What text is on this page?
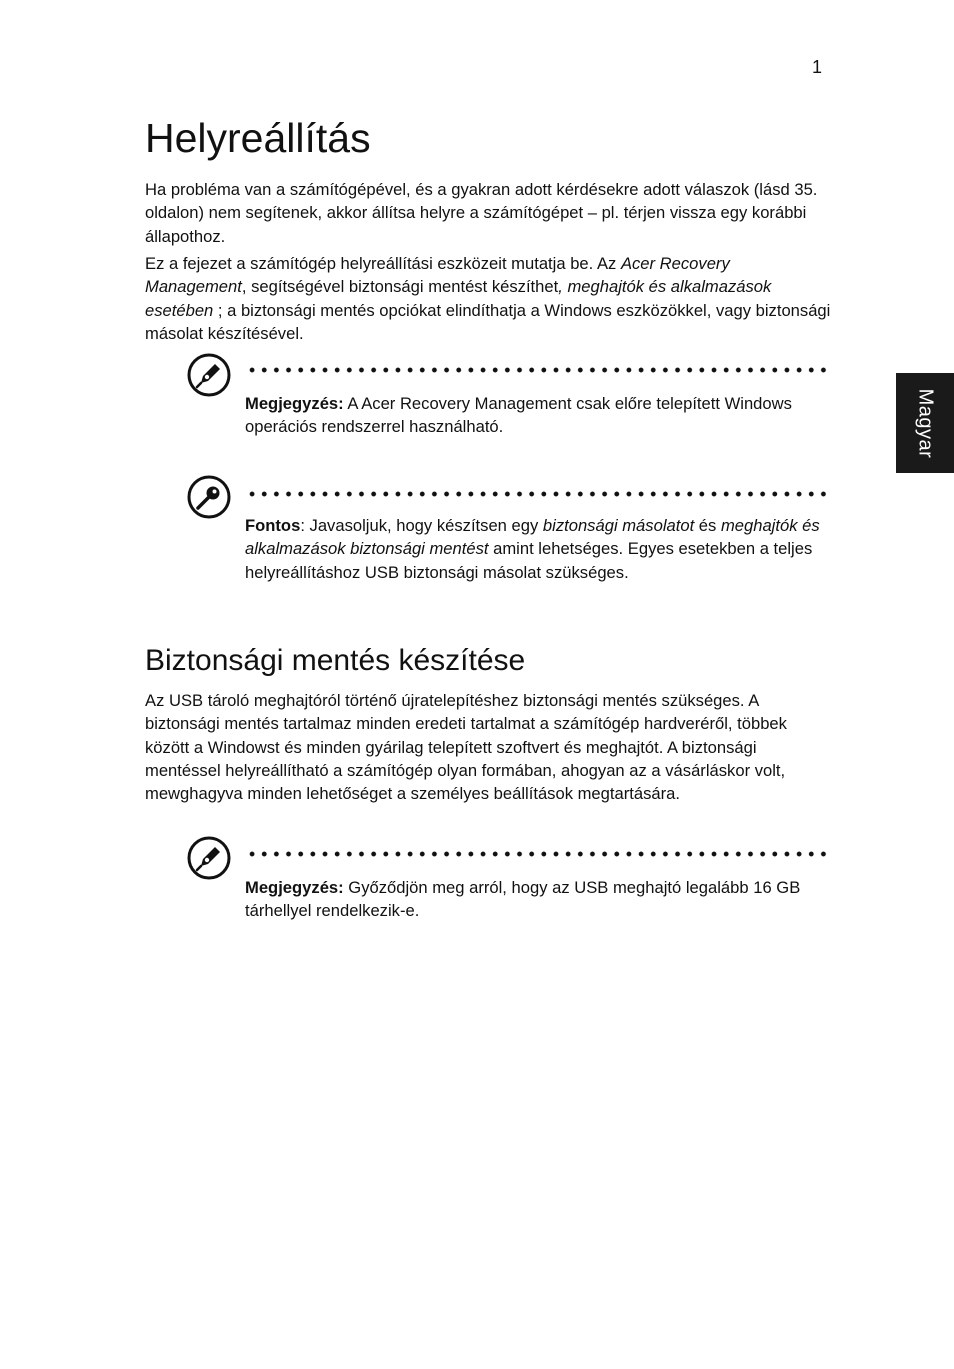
1
Magyar
Helyreállítás

Ha probléma van a számítógépével, és a gyakran adott kérdésekre adott válaszok (lásd 35. oldalon) nem segítenek, akkor állítsa helyre a számítógépet – pl. térjen vissza egy korábbi állapothoz.

Ez a fejezet a számítógép helyreállítási eszközeit mutatja be. Az Acer Recovery Management, segítségével biztonsági mentést készíthet, meghajtók és alkalmazások esetében ; a biztonsági mentés opciókat elindíthatja a Windows eszközökkel, vagy biztonsági másolat készítésével.

Megjegyzés: A Acer Recovery Management csak előre telepített Windows operációs rendszerrel használható.

Fontos: Javasoljuk, hogy készítsen egy biztonsági másolatot és meghajtók és alkalmazások biztonsági mentést amint lehetséges. Egyes esetekben a teljes helyreállításhoz USB biztonsági másolat szükséges.

Biztonsági mentés készítése

Az USB tároló meghajtóról történő újratelepítéshez biztonsági mentés szükséges. A biztonsági mentés tartalmaz minden eredeti tartalmat a számítógép hardveréről, többek között a Windowst és minden gyárilag telepített szoftvert és meghajtót. A biztonsági mentéssel helyreállítható a számítógép olyan formában, ahogyan az a vásárláskor volt, mewghagyva minden lehetőséget a személyes beállítások megtartására.

Megjegyzés: Győződjön meg arról, hogy az USB meghajtó legalább 16 GB tárhellyel rendelkezik-e.
